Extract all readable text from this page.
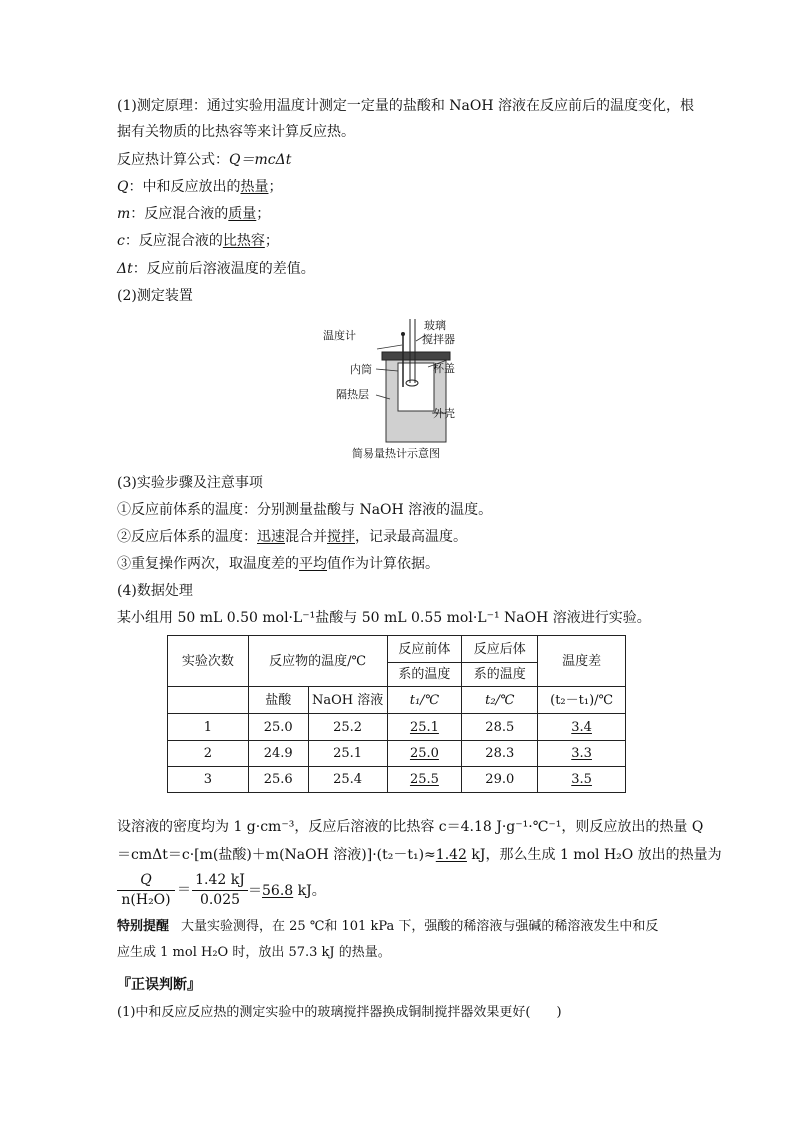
(1)测定原理：通过实验用温度计测定一定量的盐酸和 NaOH 溶液在反应前后的温度变化，根
据有关物质的比热容等来计算反应热。
反应热计算公式：Q＝mcΔt
Q：中和反应放出的热量；
m：反应混合液的质量；
c：反应混合液的比热容；
Δt：反应前后溶液温度的差值。
(2)测定装置
温度计
玻璃
搅拌器
内筒	杯盖
隔热层
外壳
简易量热计示意图
(3)实验步骤及注意事项
①反应前体系的温度：分别测量盐酸与 NaOH 溶液的温度。
②反应后体系的温度：迅速混合并搅拌，记录最高温度。
③重复操作两次，取温度差的平均值作为计算依据。
(4)数据处理
某小组用 50 mL 0.50 mol·L⁻¹盐酸与 50 mL 0.55 mol·L⁻¹ NaOH 溶液进行实验。
实验次数	反应物的温度/℃		反应前体	反应后体	温度差
			系的温度	系的温度	
	盐酸	NaOH 溶液	t₁/℃	t₂/℃	(t₂－t₁)/℃
1	25.0	25.2	25.1	28.5	3.4
2	24.9	25.1	25.0	28.3	3.3
3	25.6	25.4	25.5	29.0	3.5
设溶液的密度均为 1 g·cm⁻³，反应后溶液的比热容 c＝4.18 J·g⁻¹·℃⁻¹，则反应放出的热量 Q
＝cmΔt＝c·[m(盐酸)＋m(NaOH 溶液)]·(t₂－t₁)≈1.42 kJ，那么生成 1 mol H₂O 放出的热量为
Q
n(H₂O)
＝
1.42 kJ
0.025
＝56.8 kJ。
特别提醒 大量实验测得，在 25 ℃和 101 kPa 下，强酸的稀溶液与强碱的稀溶液发生中和反
应生成 1 mol H₂O 时，放出 57.3 kJ 的热量。
『正误判断』
(1)中和反应反应热的测定实验中的玻璃搅拌器换成铜制搅拌器效果更好(　　)
